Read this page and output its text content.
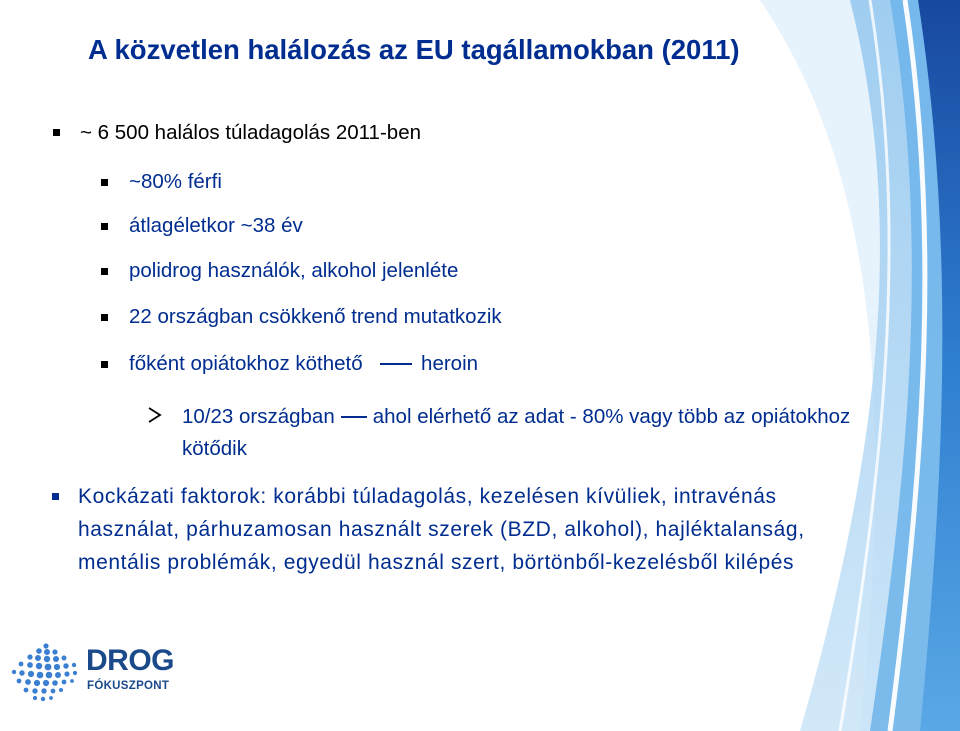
A közvetlen halálozás az EU tagállamokban (2011)
~ 6 500 halálos túladagolás 2011-ben
~80% férfi
átlagéletkor ~38 év
polidrog használók, alkohol jelenléte
22 országban csökkenő trend mutatkozik
főként opiátokhoz köthető	heroin
10/23 országban ahol elérhető az adat - 80% vagy több az opiátokhoz kötődik
Kockázati faktorok: korábbi túladagolás, kezelésen kívüliek, intravénás használat, párhuzamosan használt szerek (BZD, alkohol), hajléktalanság, mentális problémák, egyedül használ szert, börtönből-kezelésből kilépés
DROG
FÓKUSZPONT
